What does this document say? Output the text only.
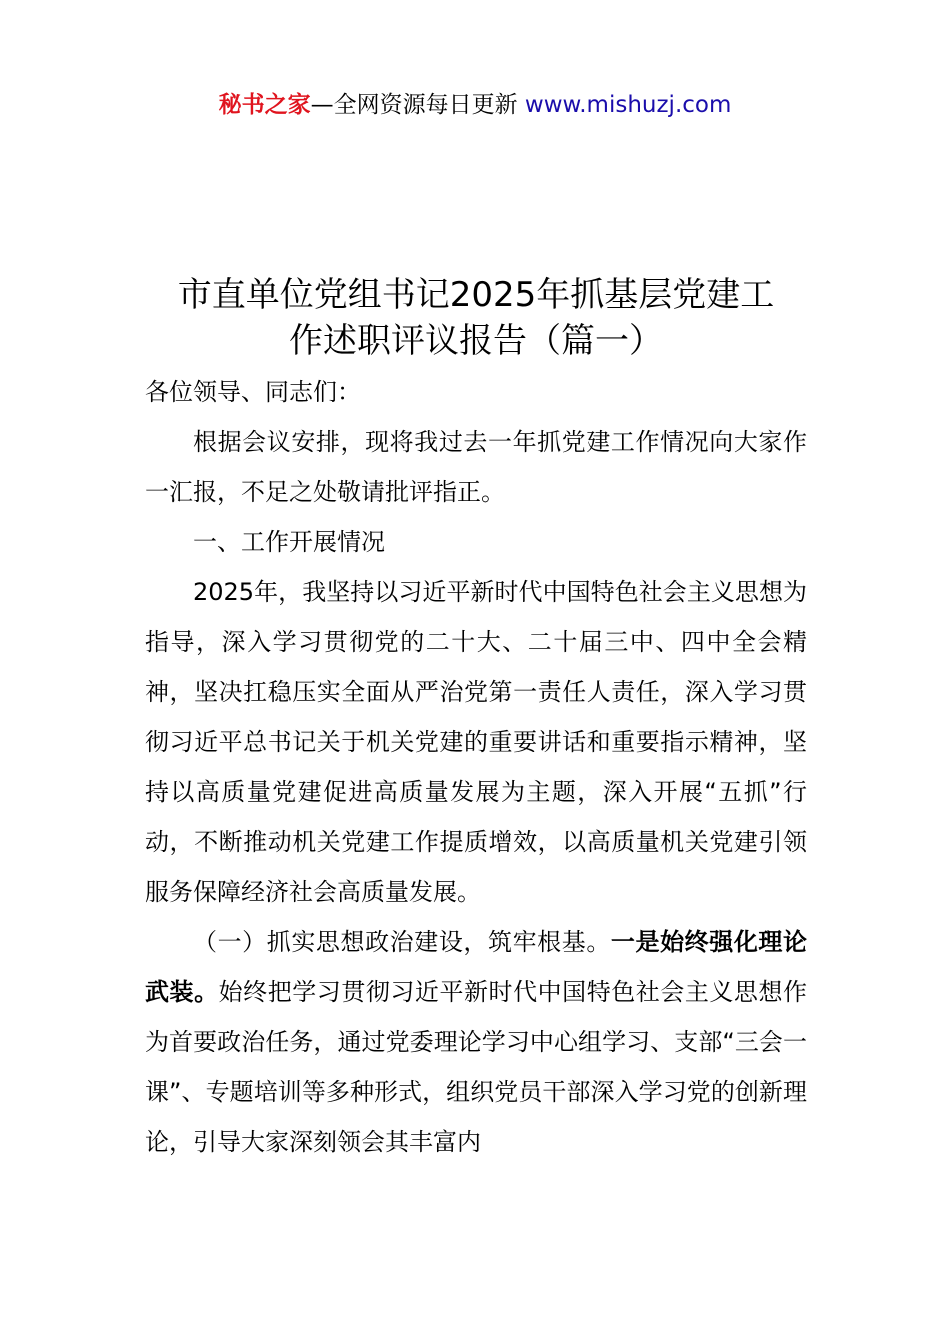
秘书之家—全网资源每日更新 www.mishuzj.com
市直单位党组书记2025年抓基层党建工
作述职评议报告（篇一）

各位领导、同志们：

根据会议安排，现将我过去一年抓党建工作情况向大家作一汇报，不足之处敬请批评指正。

一、工作开展情况

2025年，我坚持以习近平新时代中国特色社会主义思想为指导，深入学习贯彻党的二十大、二十届三中、四中全会精神，坚决扛稳压实全面从严治党第一责任人责任，深入学习贯彻习近平总书记关于机关党建的重要讲话和重要指示精神，坚持以高质量党建促进高质量发展为主题，深入开展“五抓”行动，不断推动机关党建工作提质增效，以高质量机关党建引领服务保障经济社会高质量发展。

（一）抓实思想政治建设，筑牢根基。一是始终强化理论武装。始终把学习贯彻习近平新时代中国特色社会主义思想作为首要政治任务，通过党委理论学习中心组学习、支部“三会一课”、专题培训等多种形式，组织党员干部深入学习党的创新理论，引导大家深刻领会其丰富内
